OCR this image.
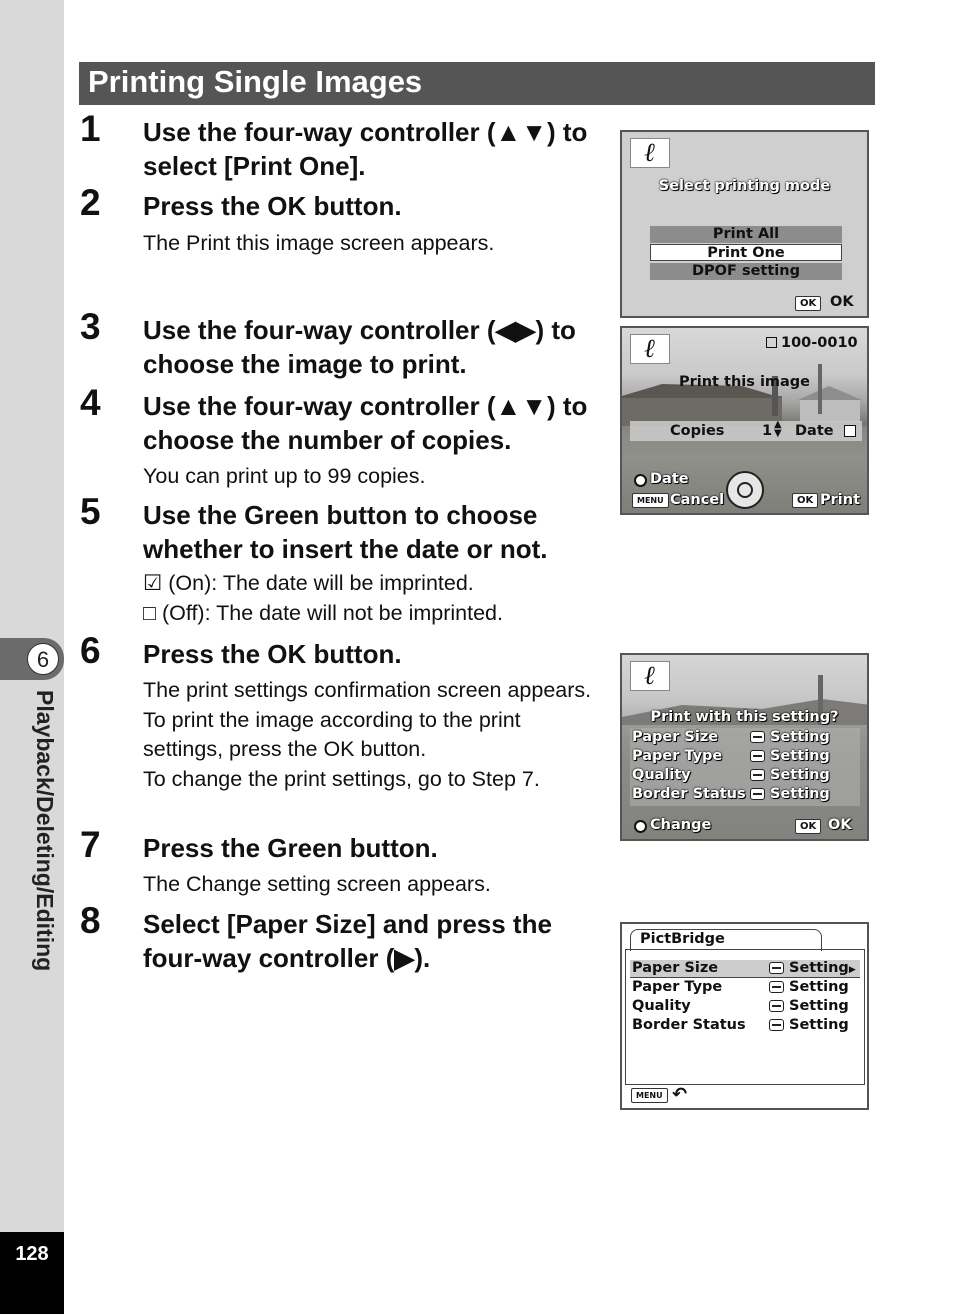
6
Playback/Deleting/Editing
128
Printing Single Images
1 Use the four-way controller (▲▼) to select [Print One].
2 Press the OK button.
The Print this image screen appears.
3 Use the four-way controller (◀▶) to choose the image to print.
4 Use the four-way controller (▲▼) to choose the number of copies.
You can print up to 99 copies.
5 Use the Green button to choose whether to insert the date or not.
☑ (On): The date will be imprinted.
□ (Off): The date will not be imprinted.
6 Press the OK button.
The print settings confirmation screen appears.
To print the image according to the print settings, press the OK button.
To change the print settings, go to Step 7.
7 Press the Green button.
The Change setting screen appears.
8 Select [Paper Size] and press the four-way controller (▶).
ℓ
Select printing mode
Print All
Print One
DPOF setting
OK OK
ℓ	100-0010
Print this image
Copies	1 ▲
▼ Date
Date
MENU Cancel	OK Print
ℓ
Print with this setting?
Paper Size	Setting
Paper Type	Setting
Quality	Setting
Border Status	Setting
Change	OK OK
PictBridge
Paper Size	Setting▶
Paper Type	Setting
Quality	Setting
Border Status	Setting
MENU ↶
